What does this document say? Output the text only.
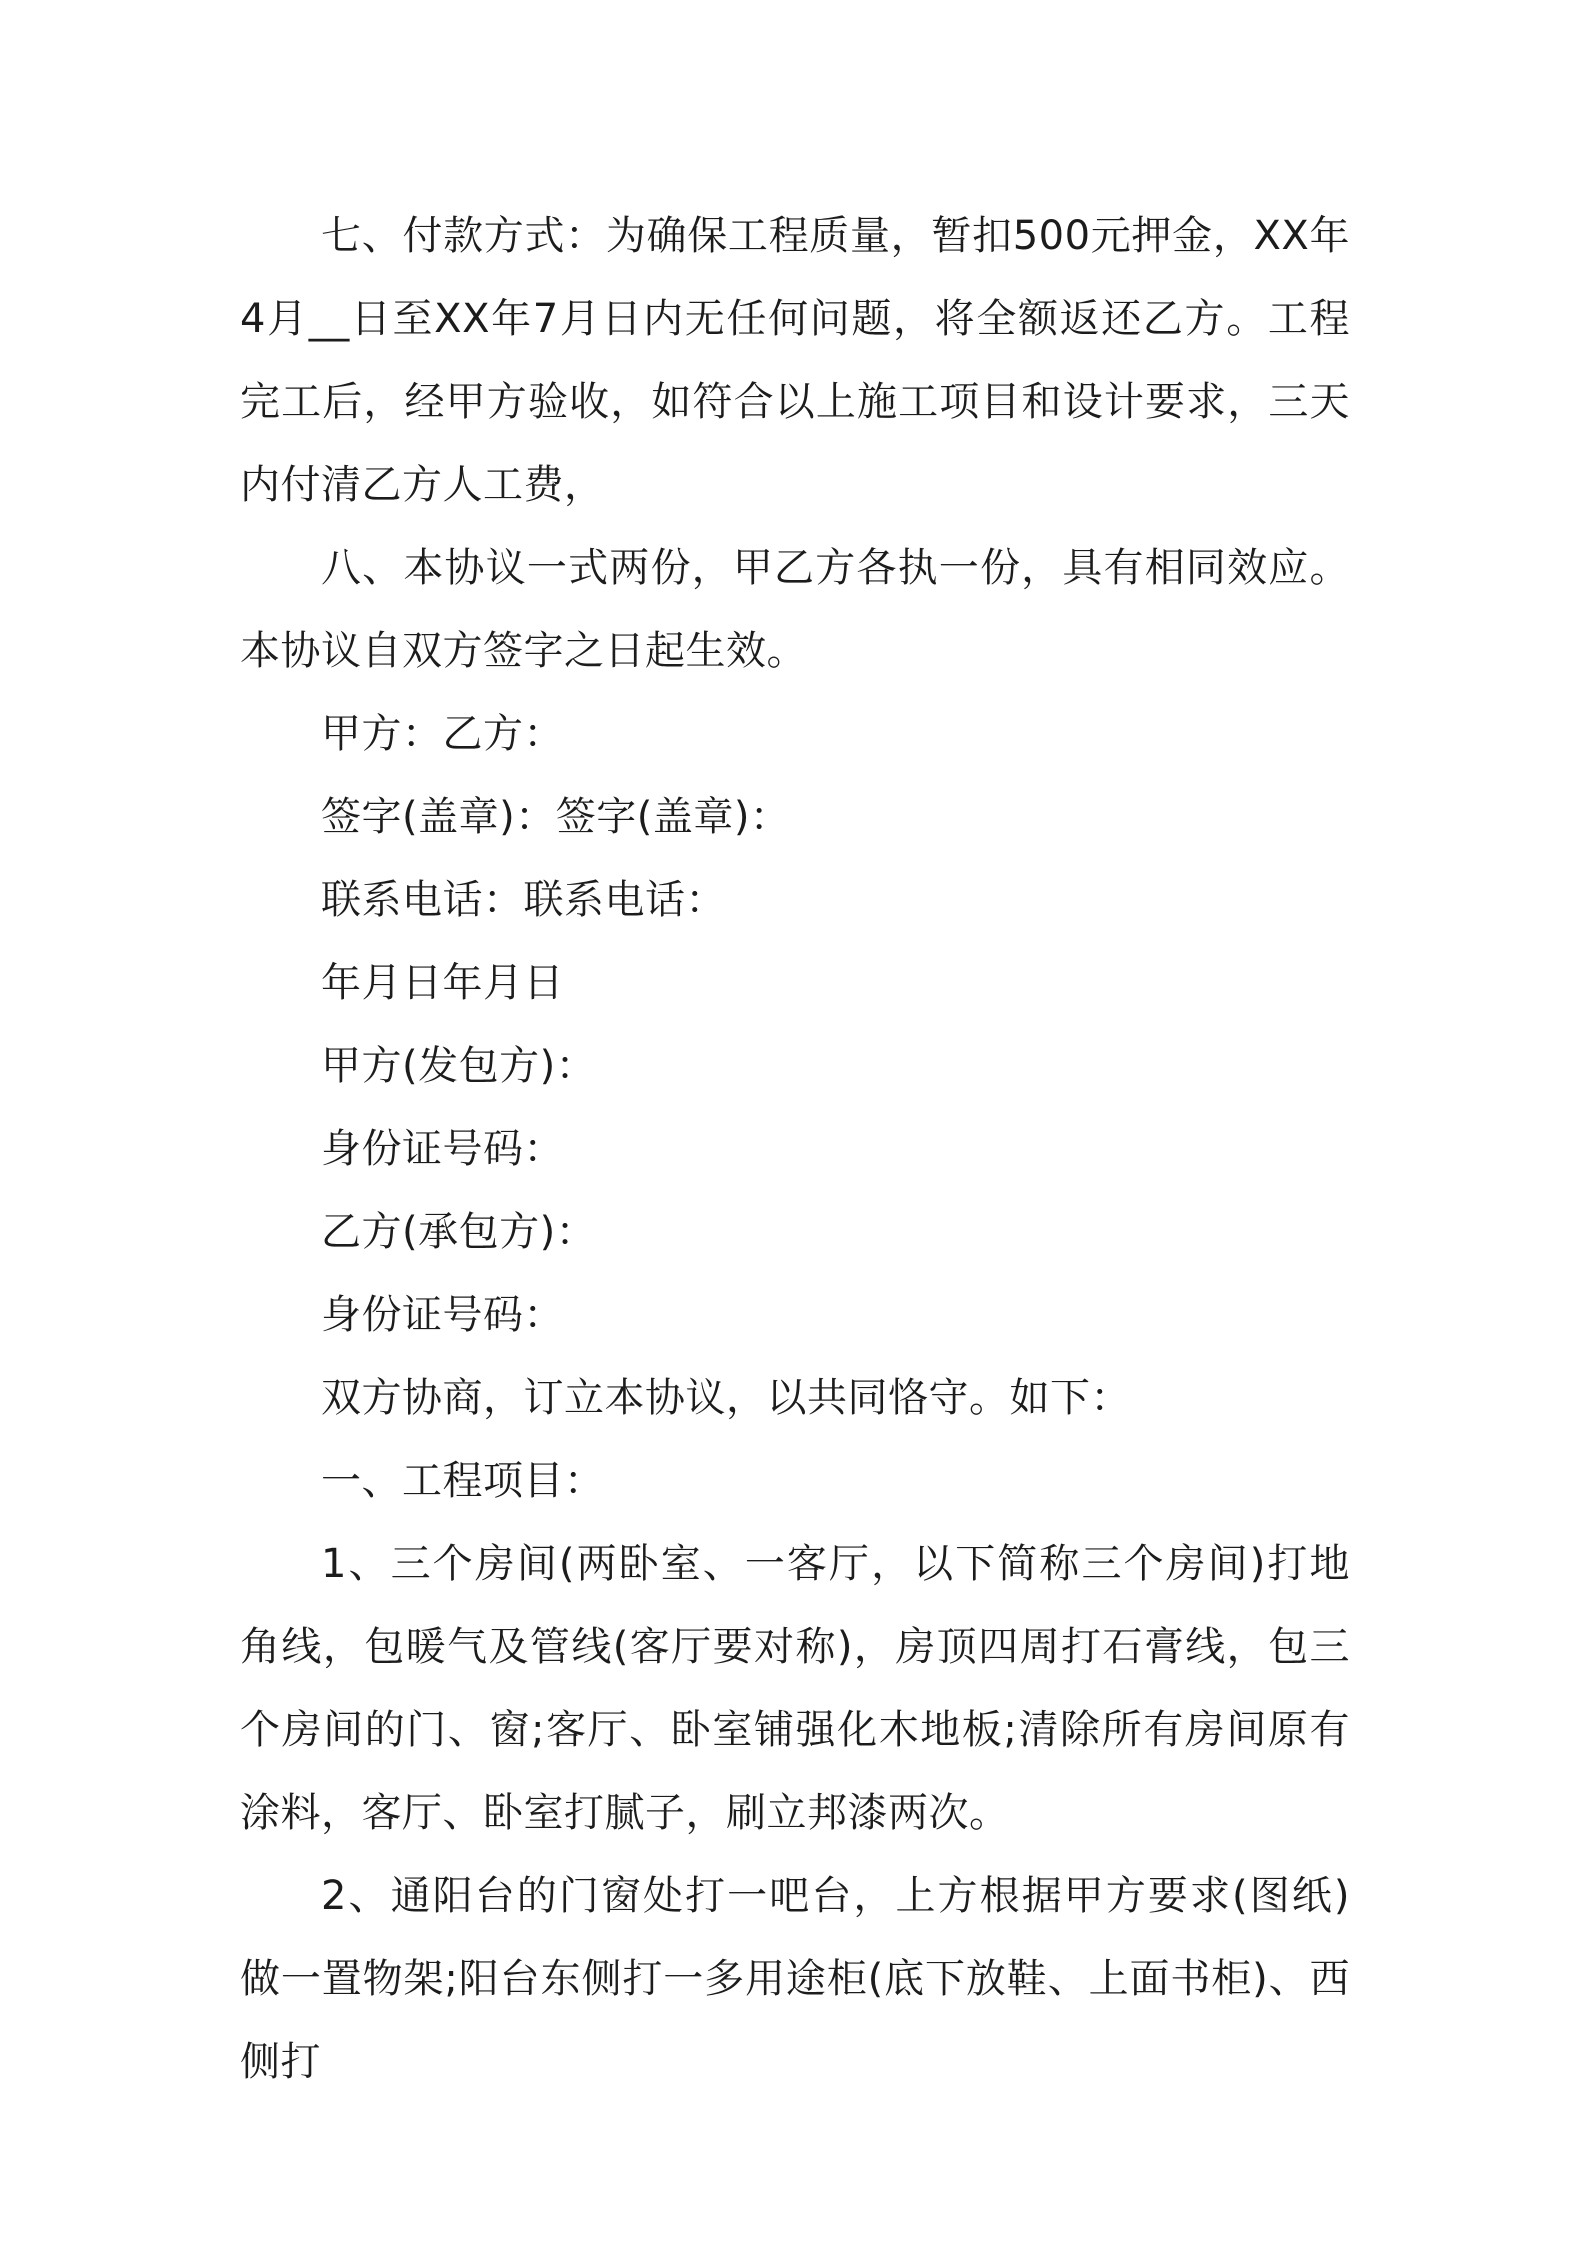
七、付款方式：为确保工程质量，暂扣500元押金，XX年4月__日至XX年7月日内无任何问题，将全额返还乙方。工程完工后，经甲方验收，如符合以上施工项目和设计要求，三天内付清乙方人工费，

八、本协议一式两份，甲乙方各执一份，具有相同效应。本协议自双方签字之日起生效。

甲方：乙方：

签字(盖章)：签字(盖章)：

联系电话：联系电话：

年月日年月日

甲方(发包方)：

身份证号码：

乙方(承包方)：

身份证号码：

双方协商，订立本协议，以共同恪守。如下：

一、工程项目：

1、三个房间(两卧室、一客厅，以下简称三个房间)打地角线，包暖气及管线(客厅要对称)，房顶四周打石膏线，包三个房间的门、窗;客厅、卧室铺强化木地板;清除所有房间原有涂料，客厅、卧室打腻子，刷立邦漆两次。

2、通阳台的门窗处打一吧台，上方根据甲方要求(图纸)做一置物架;阳台东侧打一多用途柜(底下放鞋、上面书柜)、西侧打
